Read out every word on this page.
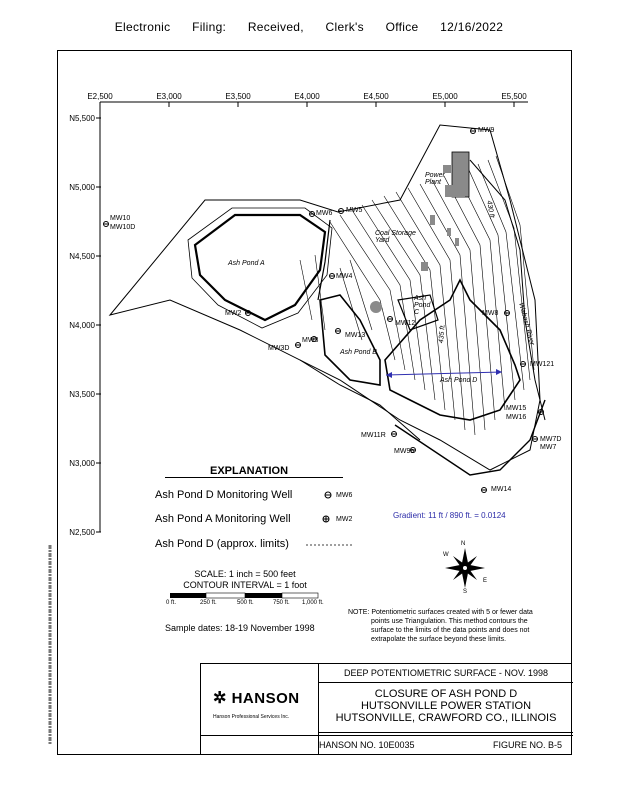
Electronic Filing: Received, Clerk's Office 12/16/2022
E2,500	E3,000	E3,500	E4,000	E4,500	E5,000	E5,500
N5,500
N5,000
N4,500
N4,000
N3,500
N3,000
N2,500
Ash Pond A
Ash Pond B
Ash Pond C
Ash Pond D
Power Plant
Coal Storage Yard
Wabash River
435 ft.
430 ft.
Gradient: 11 ft / 890 ft. = 0.0124
MW9
MW10
MW10D
MW6 MW5
MW4
MW2
MW3
MW3D
MW13
MW12
MW8
MW121
MW11R
MW9b
MW14
MW15
MW16
MW7D
MW7
EXPLANATION
Ash Pond D Monitoring Well	MW6
Ash Pond A Monitoring Well	MW2
Ash Pond D (approx. limits)
SCALE: 1 inch = 500 feet
CONTOUR INTERVAL = 1 foot
0 ft.	250 ft.	500 ft.	750 ft. 1,000 ft.
Sample dates: 18-19 November 1998
N
E
W
S
NOTE: Potentiometric surfaces created with 5 or fewer data
points use Triangulation. This method contours the
surface to the limits of the data points and does not
extrapolate the surface beyond these limits.
DEEP POTENTIOMETRIC SURFACE - NOV. 1998
CLOSURE OF ASH POND D
HUTSONVILLE POWER STATION
HUTSONVILLE, CRAWFORD CO., ILLINOIS
HANSON NO. 10E0035	FIGURE NO. B-5
✲ HANSON
Hanson Professional Services Inc.
